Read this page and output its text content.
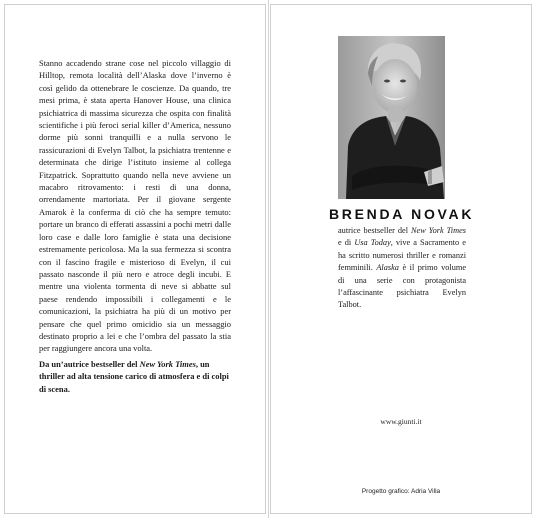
Stanno accadendo strane cose nel piccolo villaggio di Hilltop, remota località dell’Alaska dove l’inverno è così gelido da ottenebrare le coscienze. Da quando, tre mesi prima, è stata aperta Hanover House, una clinica psichiatrica di massima sicurezza che ospita con finalità scientifiche i più feroci serial killer d’America, nessuno dorme più sonni tranquilli e a nulla servono le rassicurazioni di Evelyn Talbot, la psichiatra trentenne e determinata che dirige l’istituto insieme al collega Fitzpatrick. Soprattutto quando nella neve avviene un macabro ritrovamento: i resti di una donna, orrendamente martoriata. Per il giovane sergente Amarok è la conferma di ciò che ha sempre temuto: portare un branco di efferati assassini a pochi metri dalle loro case e dalle loro famiglie è stata una decisione estremamente pericolosa. Ma la sua fermezza si scontra con il fascino fragile e misterioso di Evelyn, il cui passato nasconde il più nero e atroce degli incubi. E mentre una violenta tormenta di neve si abbatte sul paese rendendo impossibili i collegamenti e le comunicazioni, la psichiatra ha più di un motivo per pensare che quel primo omicidio sia un messaggio destinato proprio a lei e che l’ombra del passato la stia per raggiungere ancora una volta.

Da un’autrice bestseller del New York Times, un thriller ad alta tensione carico di atmosfera e di colpi di scena.

BRENDA NOVAK

autrice bestseller del New York Times e di Usa Today, vive a Sacramento e ha scritto numerosi thriller e romanzi femminili. Alaska è il primo volume di una serie con protagonista l’affascinante psichiatra Evelyn Talbot.

www.giunti.it
Progetto grafico: Adria Villa
